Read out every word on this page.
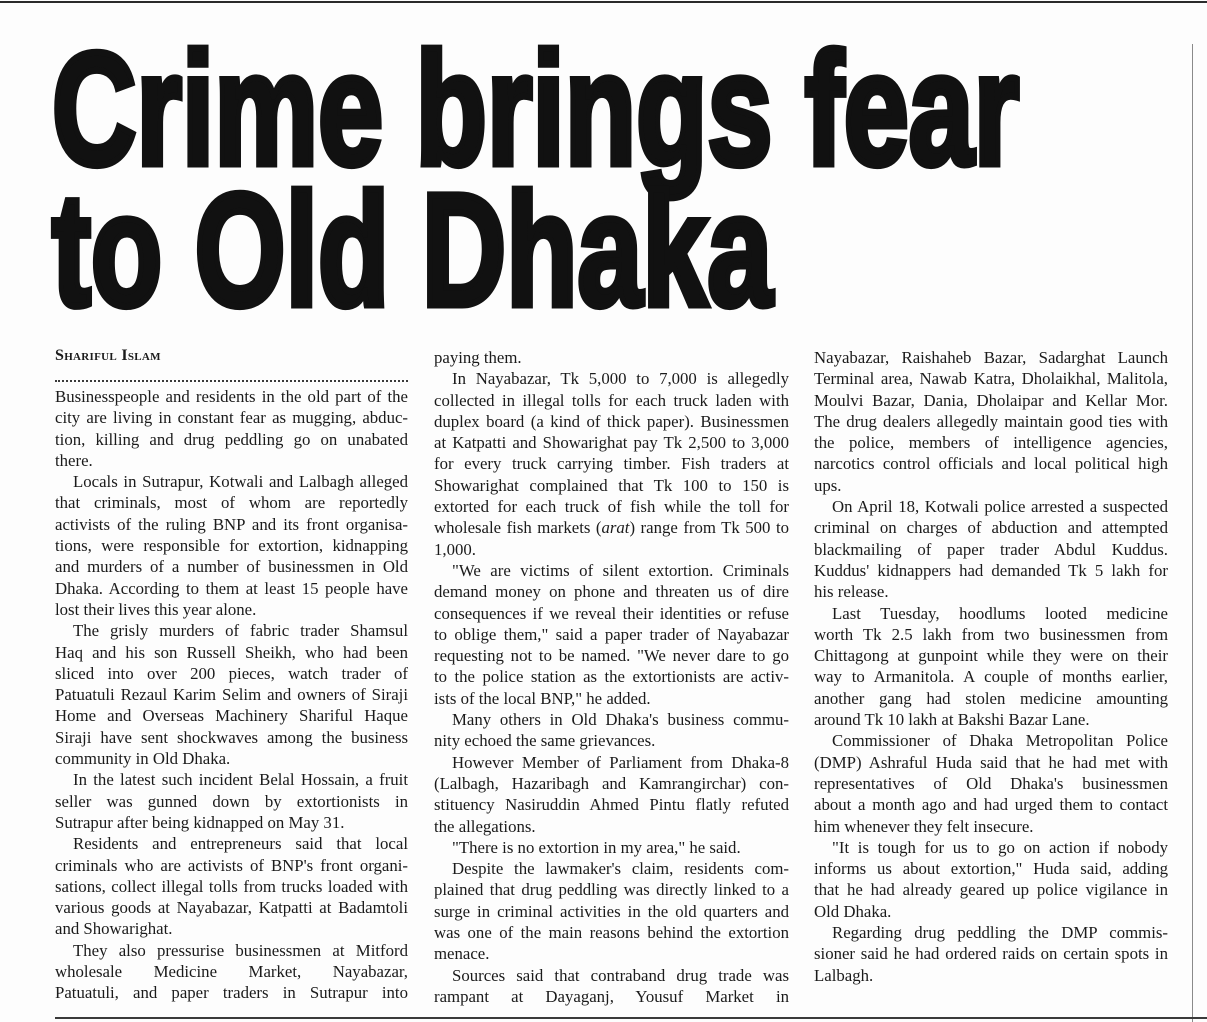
Crime brings fear
to Old Dhaka
Shariful Islam
Businesspeople and residents in the old part of the
city are living in constant fear as mugging, abduc-
tion, killing and drug peddling go on unabated
there.
Locals in Sutrapur, Kotwali and Lalbagh alleged
that criminals, most of whom are reportedly
activists of the ruling BNP and its front organisa-
tions, were responsible for extortion, kidnapping
and murders of a number of businessmen in Old
Dhaka. According to them at least 15 people have
lost their lives this year alone.
The grisly murders of fabric trader Shamsul
Haq and his son Russell Sheikh, who had been
sliced into over 200 pieces, watch trader of
Patuatuli Rezaul Karim Selim and owners of Siraji
Home and Overseas Machinery Shariful Haque
Siraji have sent shockwaves among the business
community in Old Dhaka.
In the latest such incident Belal Hossain, a fruit
seller was gunned down by extortionists in
Sutrapur after being kidnapped on May 31.
Residents and entrepreneurs said that local
criminals who are activists of BNP's front organi-
sations, collect illegal tolls from trucks loaded with
various goods at Nayabazar, Katpatti at Badamtoli
and Showarighat.
They also pressurise businessmen at Mitford
wholesale Medicine Market, Nayabazar,
Patuatuli, and paper traders in Sutrapur into
paying them.
In Nayabazar, Tk 5,000 to 7,000 is allegedly
collected in illegal tolls for each truck laden with
duplex board (a kind of thick paper). Businessmen
at Katpatti and Showarighat pay Tk 2,500 to 3,000
for every truck carrying timber. Fish traders at
Showarighat complained that Tk 100 to 150 is
extorted for each truck of fish while the toll for
wholesale fish markets (arat) range from Tk 500 to
1,000.
"We are victims of silent extortion. Criminals
demand money on phone and threaten us of dire
consequences if we reveal their identities or refuse
to oblige them," said a paper trader of Nayabazar
requesting not to be named. "We never dare to go
to the police station as the extortionists are activ-
ists of the local BNP," he added.
Many others in Old Dhaka's business commu-
nity echoed the same grievances.
However Member of Parliament from Dhaka-8
(Lalbagh, Hazaribagh and Kamrangirchar) con-
stituency Nasiruddin Ahmed Pintu flatly refuted
the allegations.
"There is no extortion in my area," he said.
Despite the lawmaker's claim, residents com-
plained that drug peddling was directly linked to a
surge in criminal activities in the old quarters and
was one of the main reasons behind the extortion
menace.
Sources said that contraband drug trade was
rampant at Dayaganj, Yousuf Market in
Nayabazar, Raishaheb Bazar, Sadarghat Launch
Terminal area, Nawab Katra, Dholaikhal, Malitola,
Moulvi Bazar, Dania, Dholaipar and Kellar Mor.
The drug dealers allegedly maintain good ties with
the police, members of intelligence agencies,
narcotics control officials and local political high
ups.
On April 18, Kotwali police arrested a suspected
criminal on charges of abduction and attempted
blackmailing of paper trader Abdul Kuddus.
Kuddus' kidnappers had demanded Tk 5 lakh for
his release.
Last Tuesday, hoodlums looted medicine
worth Tk 2.5 lakh from two businessmen from
Chittagong at gunpoint while they were on their
way to Armanitola. A couple of months earlier,
another gang had stolen medicine amounting
around Tk 10 lakh at Bakshi Bazar Lane.
Commissioner of Dhaka Metropolitan Police
(DMP) Ashraful Huda said that he had met with
representatives of Old Dhaka's businessmen
about a month ago and had urged them to contact
him whenever they felt insecure.
"It is tough for us to go on action if nobody
informs us about extortion," Huda said, adding
that he had already geared up police vigilance in
Old Dhaka.
Regarding drug peddling the DMP commis-
sioner said he had ordered raids on certain spots in
Lalbagh.
